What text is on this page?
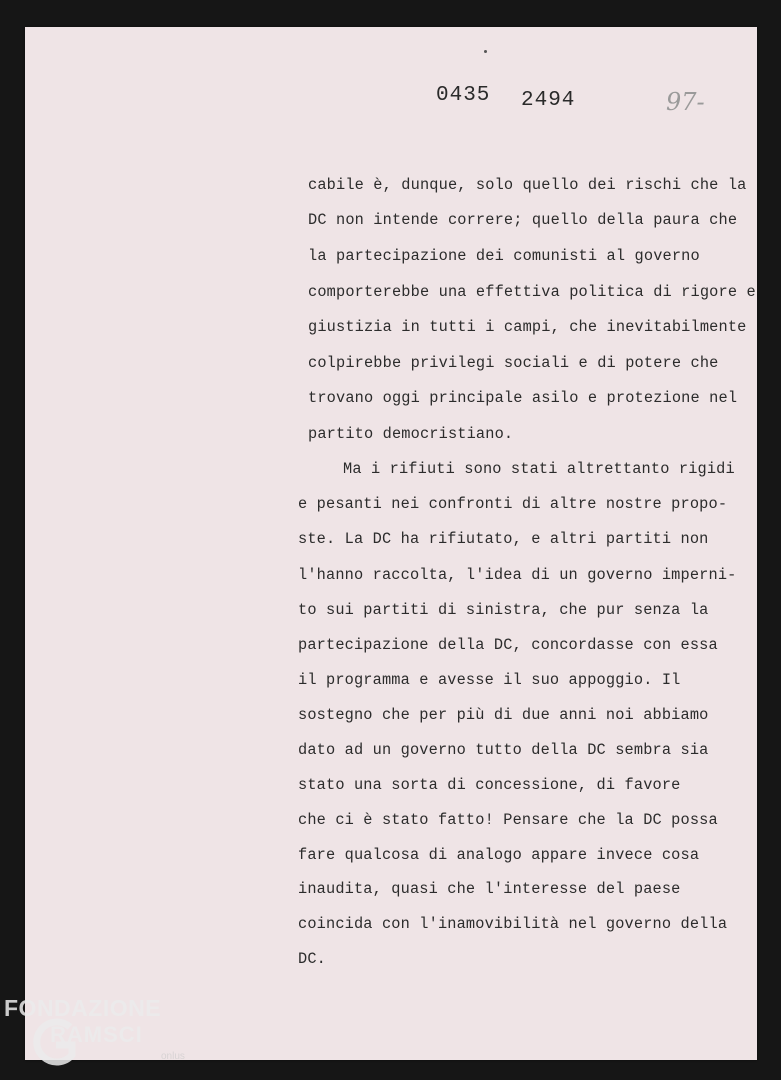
0435 2494	97-
cabile è, dunque, solo quello dei rischi che la
DC non intende correre; quello della paura che
la partecipazione dei comunisti al governo
comporterebbe una effettiva politica di rigore e
giustizia in tutti i campi, che inevitabilmente
colpirebbe privilegi sociali e di potere che
trovano oggi principale asilo e protezione nel
partito democristiano.
Ma i rifiuti sono stati altrettanto rigidi
e pesanti nei confronti di altre nostre propo-
ste. La DC ha rifiutato, e altri partiti non
l'hanno raccolta, l'idea di un governo imperni-
to sui partiti di sinistra, che pur senza la
partecipazione della DC, concordasse con essa
il programma e avesse il suo appoggio. Il
sostegno che per più di due anni noi abbiamo
dato ad un governo tutto della DC sembra sia
stato una sorta di concessione, di favore
che ci è stato fatto! Pensare che la DC possa
fare qualcosa di analogo appare invece cosa
inaudita, quasi che l'interesse del paese
coincida con l'inamovibilità nel governo della
DC.
FONDAZIONE
RAMSCI
onlus
